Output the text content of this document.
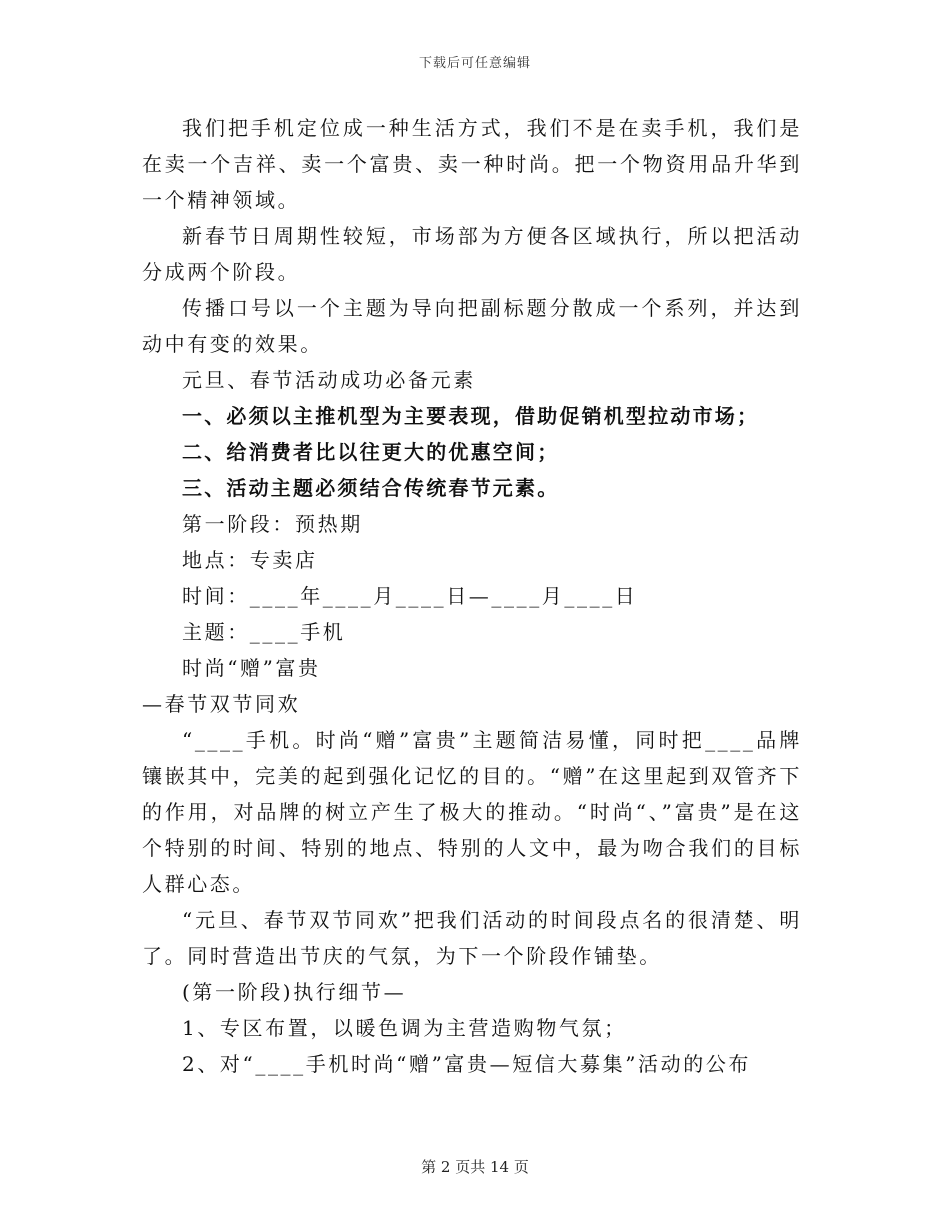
下载后可任意编辑

我们把手机定位成一种生活方式，我们不是在卖手机，我们是在卖一个吉祥、卖一个富贵、卖一种时尚。把一个物资用品升华到一个精神领域。

新春节日周期性较短，市场部为方便各区域执行，所以把活动分成两个阶段。

传播口号以一个主题为导向把副标题分散成一个系列，并达到动中有变的效果。

元旦、春节活动成功必备元素

一、必须以主推机型为主要表现，借助促销机型拉动市场；

二、给消费者比以往更大的优惠空间；

三、活动主题必须结合传统春节元素。

第一阶段：预热期

地点：专卖店

时间：____年____月____日—____月____日

主题：____手机

时尚“赠”富贵

—春节双节同欢

“____手机。时尚“赠”富贵”主题简洁易懂，同时把____品牌镶嵌其中，完美的起到强化记忆的目的。“赠”在这里起到双管齐下的作用，对品牌的树立产生了极大的推动。“时尚“、”富贵”是在这个特别的时间、特别的地点、特别的人文中，最为吻合我们的目标人群心态。

“元旦、春节双节同欢”把我们活动的时间段点名的很清楚、明了。同时营造出节庆的气氛，为下一个阶段作铺垫。

(第一阶段)执行细节—

1、专区布置，以暖色调为主营造购物气氛；

2、对“____手机时尚“赠”富贵—短信大募集”活动的公布

第 2 页共 14 页
